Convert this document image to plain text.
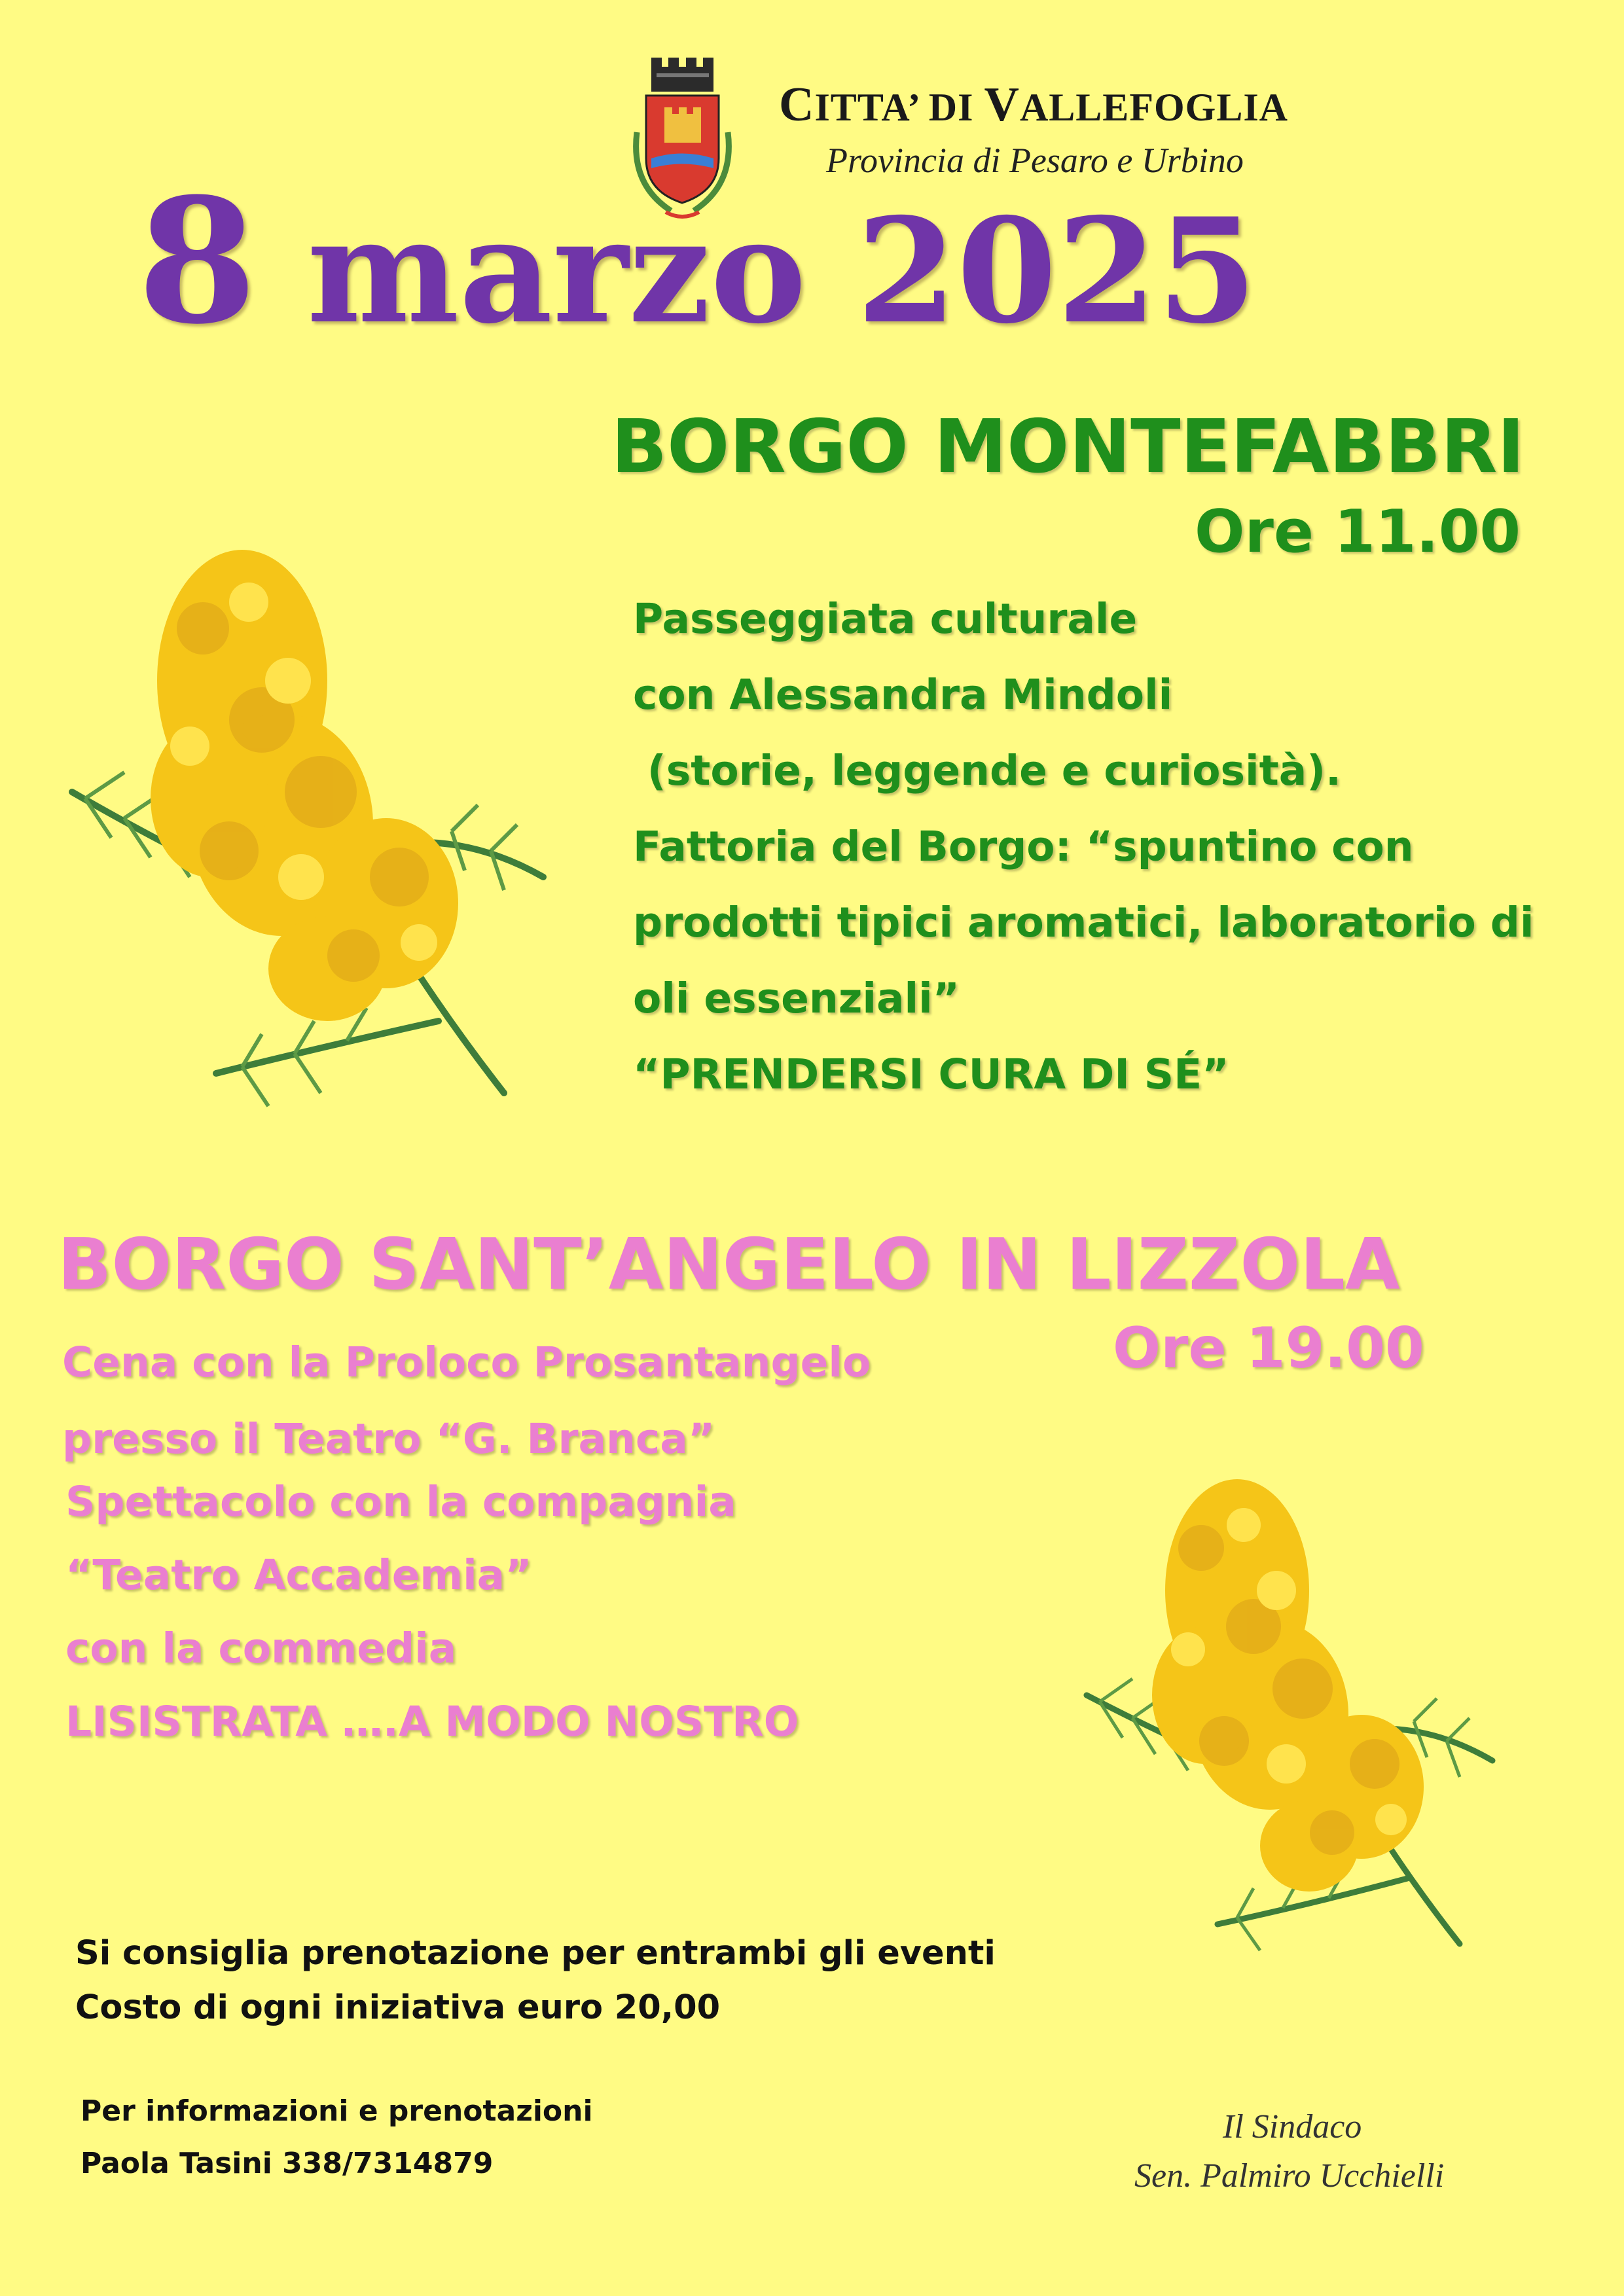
CITTA’ DI VALLEFOGLIA
Provincia di Pesaro e Urbino
8 marzo 2025
BORGO MONTEFABBRI
Ore 11.00
Passeggiata culturale
con Alessandra Mindoli
(storie, leggende e curiosità).
Fattoria del Borgo: “spuntino con
prodotti tipici aromatici, laboratorio di
oli essenziali”
“PRENDERSI CURA DI SÉ”
BORGO SANT’ANGELO IN LIZZOLA
Ore 19.00
Cena con la Proloco Prosantangelo
presso il Teatro “G. Branca”
Spettacolo con la compagnia
“Teatro Accademia”
con la commedia
LISISTRATA ….A MODO NOSTRO
Si consiglia prenotazione per entrambi gli eventi
Costo di ogni iniziativa euro 20,00
Per informazioni e prenotazioni
Paola Tasini 338/7314879
Il Sindaco
Sen. Palmiro Ucchielli
